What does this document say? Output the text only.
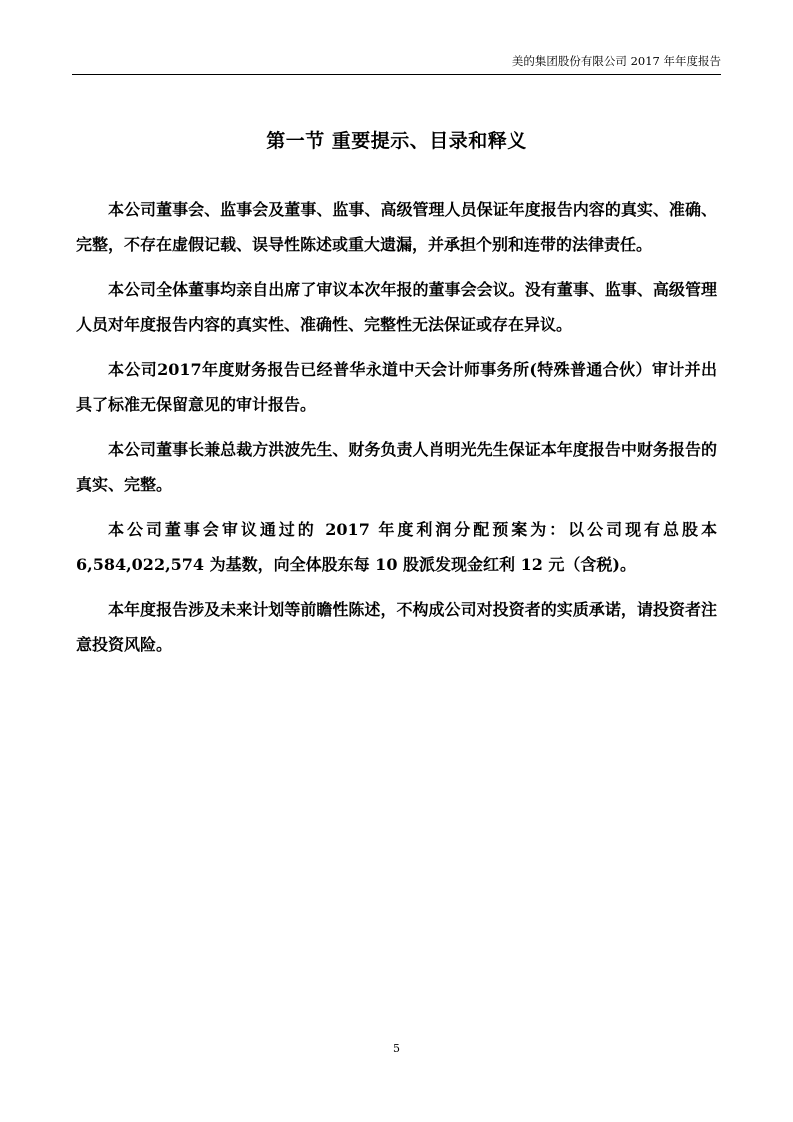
美的集团股份有限公司 2017 年年度报告
第一节 重要提示、目录和释义

本公司董事会、监事会及董事、监事、高级管理人员保证年度报告内容的真实、准确、完整，不存在虚假记载、误导性陈述或重大遗漏，并承担个别和连带的法律责任。

本公司全体董事均亲自出席了审议本次年报的董事会会议。没有董事、监事、高级管理人员对年度报告内容的真实性、准确性、完整性无法保证或存在异议。

本公司2017年度财务报告已经普华永道中天会计师事务所(特殊普通合伙）审计并出具了标准无保留意见的审计报告。

本公司董事长兼总裁方洪波先生、财务负责人肖明光先生保证本年度报告中财务报告的真实、完整。

本公司董事会审议通过的 2017 年度利润分配预案为：以公司现有总股本6,584,022,574 为基数，向全体股东每 10 股派发现金红利 12 元（含税)。

本年度报告涉及未来计划等前瞻性陈述，不构成公司对投资者的实质承诺，请投资者注意投资风险。

5
